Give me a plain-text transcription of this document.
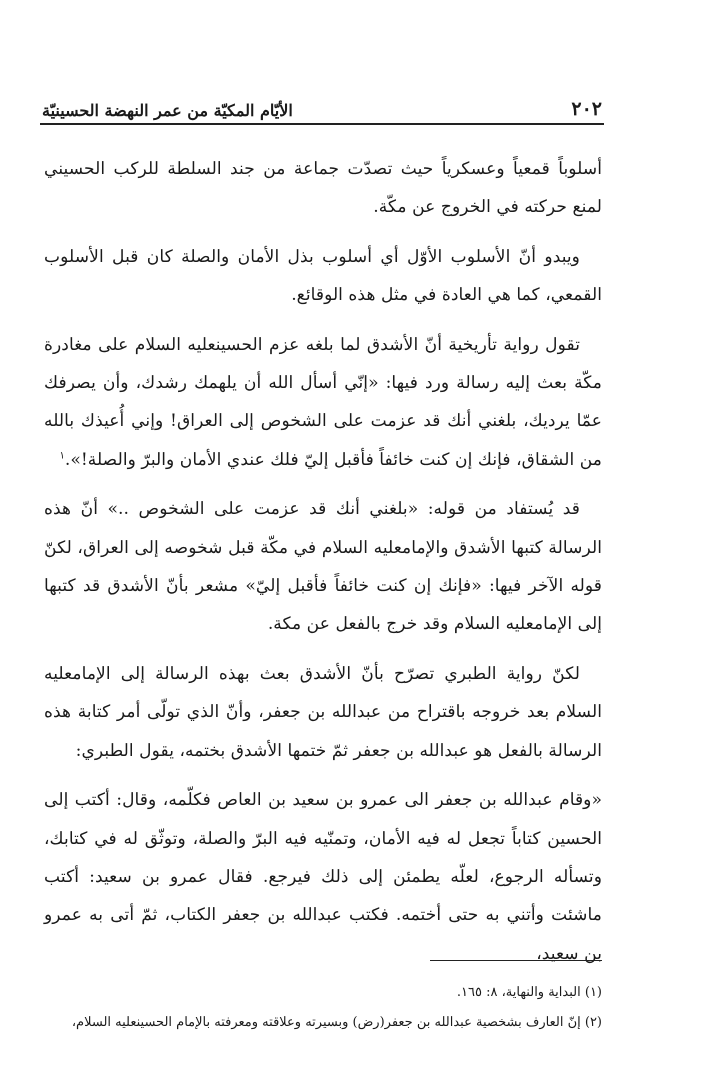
٢٠٢
الأيّام المكيّة من عمر النهضة الحسينيّة

أسلوباً قمعياً وعسكرياً حيث تصدّت جماعة من جند السلطة للركب الحسيني لمنع حركته في الخروج عن مكّة.

ويبدو أنّ الأسلوب الأوّل أي أسلوب بذل الأمان والصلة كان قبل الأسلوب القمعي، كما هي العادة في مثل هذه الوقائع.

تقول رواية تأريخية أنّ الأشدق لما بلغه عزم الحسينعليه السلام على مغادرة مكّة بعث إليه رسالة ورد فيها: «إنّي أسأل الله أن يلهمك رشدك، وأن يصرفك عمّا يرديك، بلغني أنك قد عزمت على الشخوص إلى العراق! وإني أُعيذك بالله من الشقاق، فإنك إن كنت خائفاً فأقبل إليّ فلك عندي الأمان والبرّ والصلة!».$^١$

قد يُستفاد من قوله: «بلغني أنك قد عزمت على الشخوص ..» أنّ هذه الرسالة كتبها الأشدق والإمامعليه السلام في مكّة قبل شخوصه إلى العراق، لكنّ قوله الآخر فيها: «فإنك إن كنت خائفاً فأقبل إليّ» مشعر بأنّ الأشدق قد كتبها إلى الإمامعليه السلام وقد خرج بالفعل عن مكة.

لكنّ رواية الطبري تصرّح بأنّ الأشدق بعث بهذه الرسالة إلى الإمامعليه السلام بعد خروجه باقتراح من عبدالله بن جعفر، وأنّ الذي تولّى أمر كتابة هذه الرسالة بالفعل هو عبدالله بن جعفر ثمّ ختمها الأشدق بختمه، يقول الطبري:

«وقام عبدالله بن جعفر الى عمرو بن سعيد بن العاص فكلّمه، وقال: أكتب إلى الحسين كتاباً تجعل له فيه الأمان، وتمنّيه فيه البرّ والصلة، وتوثّق له في كتابك، وتسأله الرجوع، لعلّه يطمئن إلى ذلك فيرجع. فقال عمرو بن سعيد: أكتب ماشئت وأتني به حتى أختمه. فكتب عبدالله بن جعفر الكتاب، ثمّ أتى به عمرو بن سعيد،

(١) البداية والنهاية، ٨: ١٦٥.
(٢) إنّ العارف بشخصية عبدالله بن جعفر(رض) وبسيرته وعلاقته ومعرفته بالإمام الحسينعليه السلام،
